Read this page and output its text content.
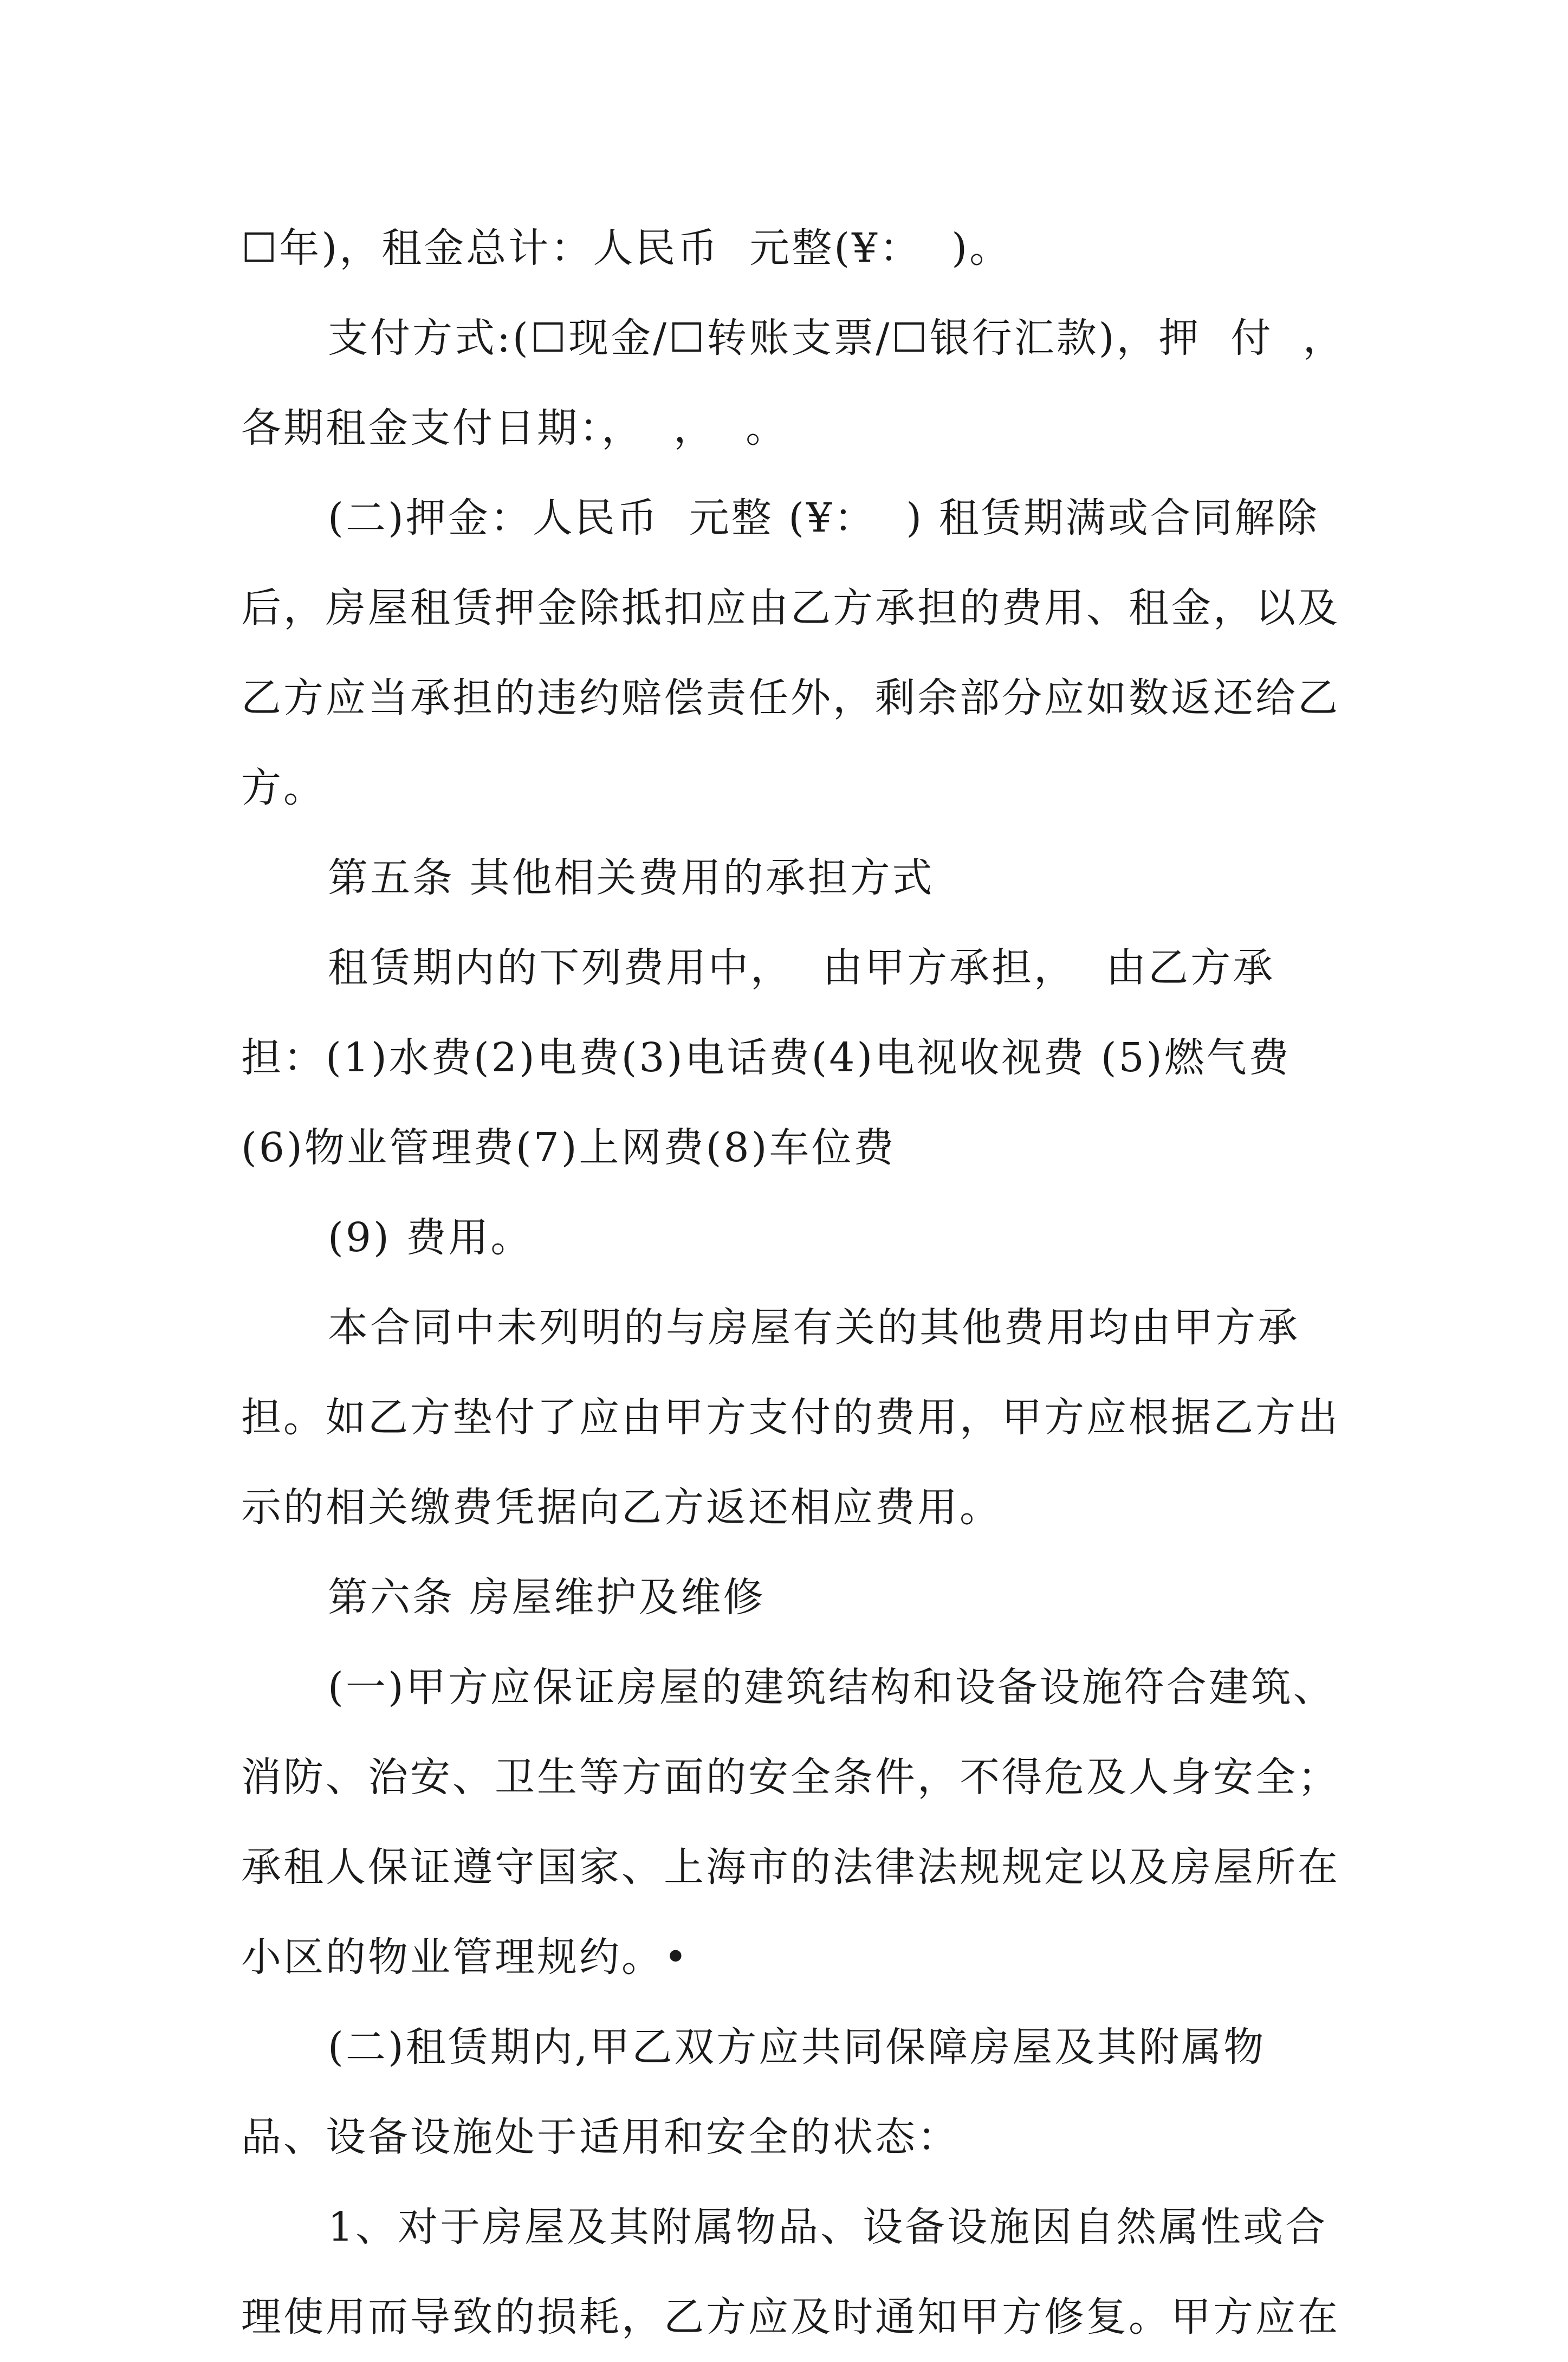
☐年)，租金总计：人民币  元整(¥：  )。

支付方式:(☐现金/☐转账支票/☐银行汇款)，押  付  ，各期租金支付日期：，  ，  。

(二)押金：人民币  元整 (¥：  ) 租赁期满或合同解除后，房屋租赁押金除抵扣应由乙方承担的费用、租金，以及乙方应当承担的违约赔偿责任外，剩余部分应如数返还给乙方。

第五条 其他相关费用的承担方式

租赁期内的下列费用中，  由甲方承担，  由乙方承担：(1)水费(2)电费(3)电话费(4)电视收视费 (5)燃气费(6)物业管理费(7)上网费(8)车位费

(9) 费用。

本合同中未列明的与房屋有关的其他费用均由甲方承担。如乙方垫付了应由甲方支付的费用，甲方应根据乙方出示的相关缴费凭据向乙方返还相应费用。

第六条 房屋维护及维修

(一)甲方应保证房屋的建筑结构和设备设施符合建筑、消防、治安、卫生等方面的安全条件，不得危及人身安全；承租人保证遵守国家、上海市的法律法规规定以及房屋所在小区的物业管理规约。•

(二)租赁期内,甲乙双方应共同保障房屋及其附属物品、设备设施处于适用和安全的状态：

1、对于房屋及其附属物品、设备设施因自然属性或合理使用而导致的损耗，乙方应及时通知甲方修复。甲方应在
